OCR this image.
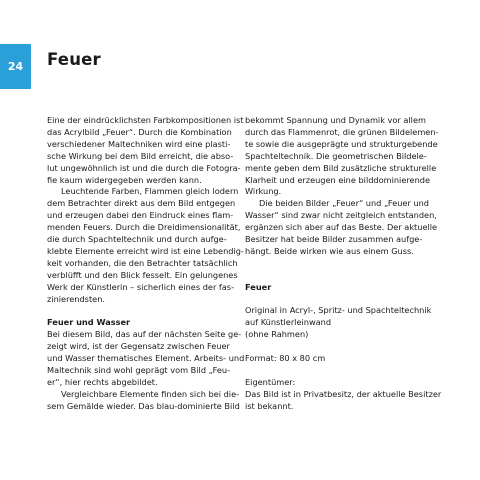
24 Feuer

Eine der eindrücklichsten Farbkompositionen ist
das Acrylbild „Feuer“. Durch die Kombination
verschiedener Maltechniken wird eine plasti-
sche Wirkung bei dem Bild erreicht, die abso-
lut ungewöhnlich ist und die durch die Fotogra-
fie kaum widergegeben werden kann.

Leuchtende Farben, Flammen gleich lodern
dem Betrachter direkt aus dem Bild entgegen
und erzeugen dabei den Eindruck eines flam-
menden Feuers. Durch die Dreidimensionalität,
die durch Spachteltechnik und durch aufge-
klebte Elemente erreicht wird ist eine Lebendig-
keit vorhanden, die den Betrachter tatsächlich
verblüfft und den Blick fesselt. Ein gelungenes
Werk der Künstlerin – sicherlich eines der fas-
zinierendsten.

Feuer und Wasser

Bei diesem Bild, das auf der nächsten Seite ge-
zeigt wird, ist der Gegensatz zwischen Feuer
und Wasser thematisches Element. Arbeits- und
Maltechnik sind wohl geprägt vom Bild „Feu-
er“, hier rechts abgebildet.

Vergleichbare Elemente finden sich bei die-
sem Gemälde wieder. Das blau-dominierte Bild

bekommt Spannung und Dynamik vor allem
durch das Flammenrot, die grünen Bildelemen-
te sowie die ausgeprägte und strukturgebende
Spachteltechnik. Die geometrischen Bildele-
mente geben dem Bild zusätzliche strukturelle
Klarheit und erzeugen eine bilddominierende
Wirkung.

Die beiden Bilder „Feuer“ und „Feuer und
Wasser“ sind zwar nicht zeitgleich entstanden,
ergänzen sich aber auf das Beste. Der aktuelle
Besitzer hat beide Bilder zusammen aufge-
hängt. Beide wirken wie aus einem Guss.

Feuer

Original in Acryl-, Spritz- und Spachteltechnik
auf Künstlerleinwand
(ohne Rahmen)

Format: 80 x 80 cm

Eigentümer:
Das Bild ist in Privatbesitz, der aktuelle Besitzer
ist bekannt.
